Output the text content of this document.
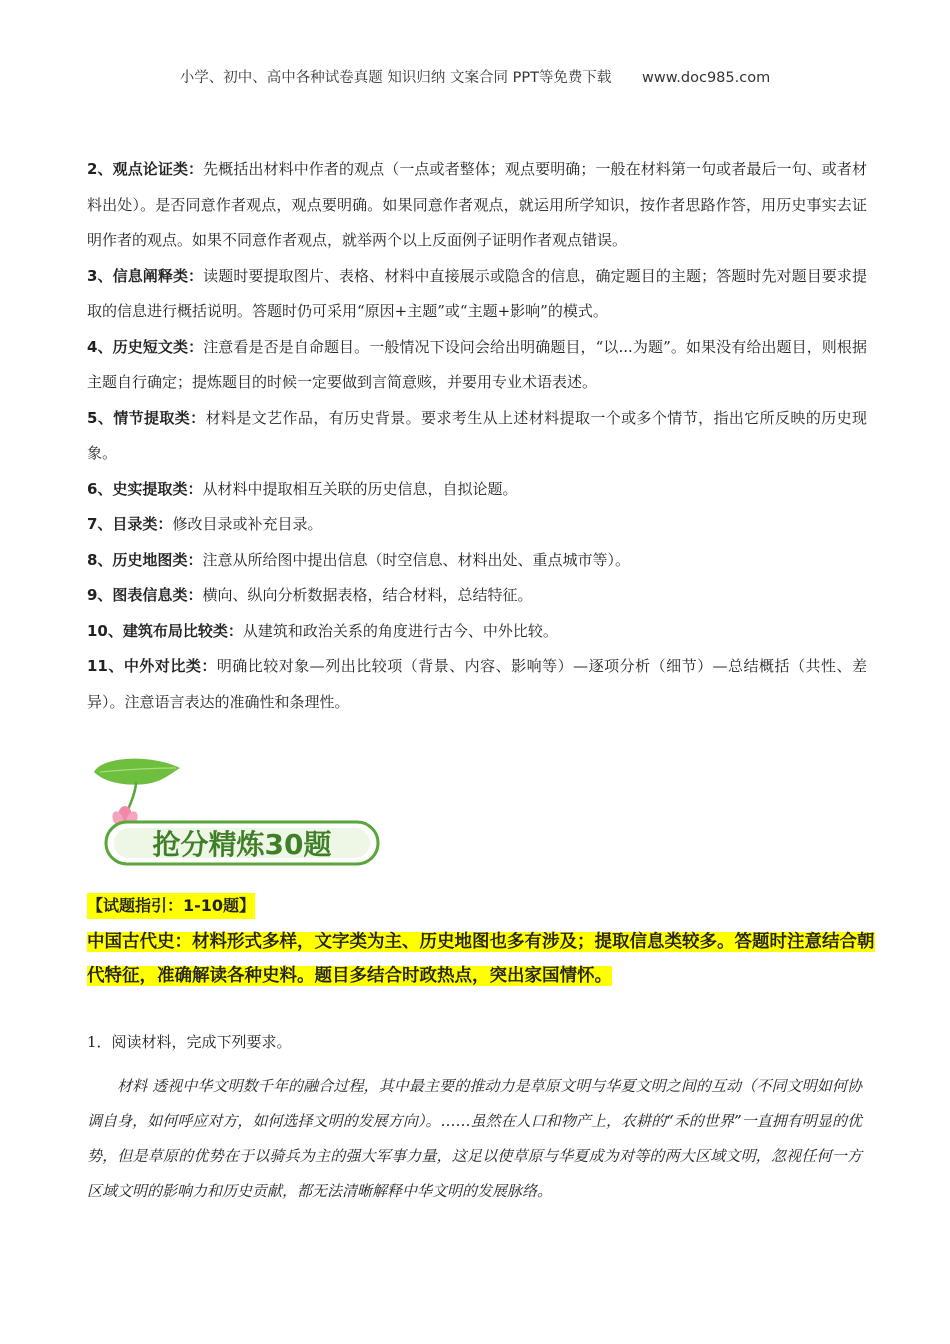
小学、初中、高中各种试卷真题 知识归纳 文案合同 PPT等免费下载 www.doc985.com

2、观点论证类：先概括出材料中作者的观点（一点或者整体；观点要明确；一般在材料第一句或者最后一句、或者材料出处）。是否同意作者观点，观点要明确。如果同意作者观点，就运用所学知识，按作者思路作答，用历史事实去证明作者的观点。如果不同意作者观点，就举两个以上反面例子证明作者观点错误。

3、信息阐释类：读题时要提取图片、表格、材料中直接展示或隐含的信息，确定题目的主题；答题时先对题目要求提取的信息进行概括说明。答题时仍可采用“原因+主题”或“主题+影响”的模式。

4、历史短文类：注意看是否是自命题目。一般情况下设问会给出明确题目，“以...为题”。如果没有给出题目，则根据主题自行确定；提炼题目的时候一定要做到言简意赅，并要用专业术语表述。

5、情节提取类：材料是文艺作品，有历史背景。要求考生从上述材料提取一个或多个情节，指出它所反映的历史现象。

6、史实提取类：从材料中提取相互关联的历史信息，自拟论题。

7、目录类：修改目录或补充目录。

8、历史地图类：注意从所给图中提出信息（时空信息、材料出处、重点城市等）。

9、图表信息类：横向、纵向分析数据表格，结合材料，总结特征。

10、建筑布局比较类：从建筑和政治关系的角度进行古今、中外比较。

11、中外对比类：明确比较对象—列出比较项（背景、内容、影响等）—逐项分析（细节）—总结概括（共性、差异）。注意语言表达的准确性和条理性。

抢分精炼30题
【试题指引：1-10题】

中国古代史：材料形式多样，文字类为主、历史地图也多有涉及；提取信息类较多。答题时注意结合朝代特征，准确解读各种史料。题目多结合时政热点，突出家国情怀。

1．阅读材料，完成下列要求。

材料 透视中华文明数千年的融合过程，其中最主要的推动力是草原文明与华夏文明之间的互动（不同文明如何协调自身，如何呼应对方，如何选择文明的发展方向）。……虽然在人口和物产上，农耕的“禾的世界”一直拥有明显的优势，但是草原的优势在于以骑兵为主的强大军事力量，这足以使草原与华夏成为对等的两大区域文明，忽视任何一方区域文明的影响力和历史贡献，都无法清晰解释中华文明的发展脉络。
